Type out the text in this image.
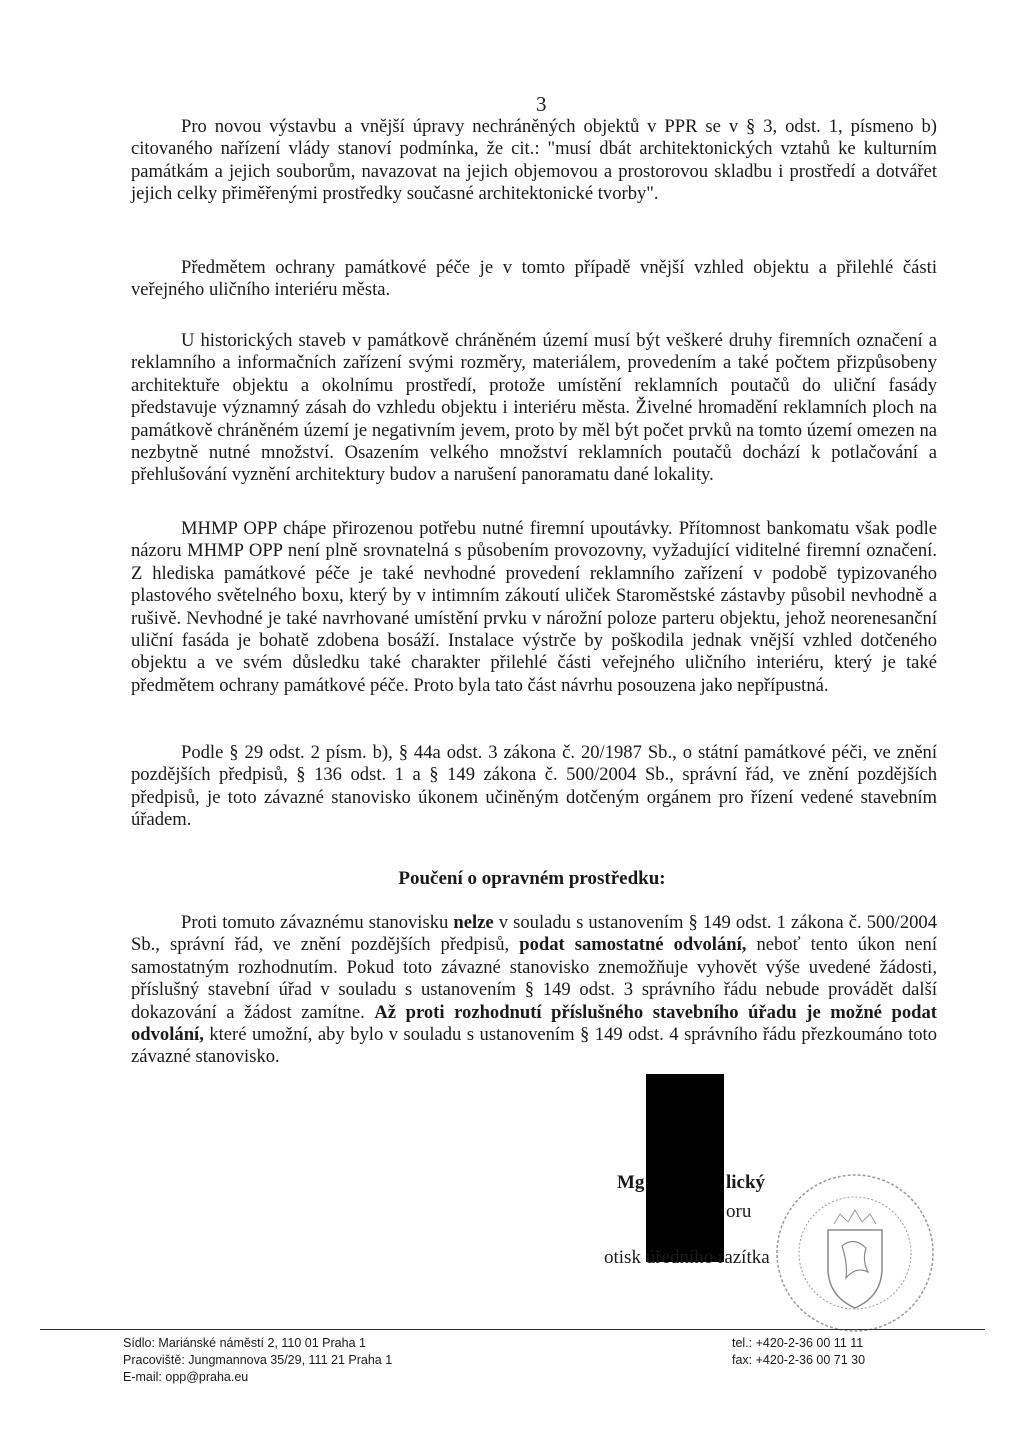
3

Pro novou výstavbu a vnější úpravy nechráněných objektů v PPR se v § 3, odst. 1, písmeno b) citovaného nařízení vlády stanoví podmínka, že cit.: "musí dbát architektonických vztahů ke kulturním památkám a jejich souborům, navazovat na jejich objemovou a prostorovou skladbu i prostředí a dotvářet jejich celky přiměřenými prostředky současné architektonické tvorby".

Předmětem ochrany památkové péče je v tomto případě vnější vzhled objektu a přilehlé části veřejného uličního interiéru města.

U historických staveb v památkově chráněném území musí být veškeré druhy firemních označení a reklamního a informačních zařízení svými rozměry, materiálem, provedením a také počtem přizpůsobeny architektuře objektu a okolnímu prostředí, protože umístění reklamních poutačů do uliční fasády představuje významný zásah do vzhledu objektu i interiéru města. Živelné hromadění reklamních ploch na památkově chráněném území je negativním jevem, proto by měl být počet prvků na tomto území omezen na nezbytně nutné množství. Osazením velkého množství reklamních poutačů dochází k potlačování a přehlušování vyznění architektury budov a narušení panoramatu dané lokality.

MHMP OPP chápe přirozenou potřebu nutné firemní upoutávky. Přítomnost bankomatu však podle názoru MHMP OPP není plně srovnatelná s působením provozovny, vyžadující viditelné firemní označení. Z hlediska památkové péče je také nevhodné provedení reklamního zařízení v podobě typizovaného plastového světelného boxu, který by v intimním zákoutí uliček Staroměstské zástavby působil nevhodně a rušivě. Nevhodné je také navrhované umístění prvku v nárožní poloze parteru objektu, jehož neorenesanční uliční fasáda je bohatě zdobena bosáží. Instalace výstrče by poškodila jednak vnější vzhled dotčeného objektu a ve svém důsledku také charakter přilehlé části veřejného uličního interiéru, který je také předmětem ochrany památkové péče. Proto byla tato část návrhu posouzena jako nepřípustná.

Podle § 29 odst. 2 písm. b), § 44a odst. 3 zákona č. 20/1987 Sb., o státní památkové péči, ve znění pozdějších předpisů, § 136 odst. 1 a § 149 zákona č. 500/2004 Sb., správní řád, ve znění pozdějších předpisů, je toto závazné stanovisko úkonem učiněným dotčeným orgánem pro řízení vedené stavebním úřadem.

Poučení o opravném prostředku:

Proti tomuto závaznému stanovisku nelze v souladu s ustanovením § 149 odst. 1 zákona č. 500/2004 Sb., správní řád, ve znění pozdějších předpisů, podat samostatné odvolání, neboť tento úkon není samostatným rozhodnutím. Pokud toto závazné stanovisko znemožňuje vyhovět výše uvedené žádosti, příslušný stavební úřad v souladu s ustanovením § 149 odst. 3 správního řádu nebude provádět další dokazování a žádost zamítne. Až proti rozhodnutí příslušného stavebního úřadu je možné podat odvolání, které umožní, aby bylo v souladu s ustanovením § 149 odst. 4 správního řádu přezkoumáno toto závazné stanovisko.

Mg	lický
oru
otisk úředního razítka
Sídlo: Mariánské náměstí 2, 110 01 Praha 1
Pracoviště: Jungmannova 35/29, 111 21 Praha 1
E-mail: opp@praha.eu
tel.: +420-2-36 00 11 11
fax: +420-2-36 00 71 30
